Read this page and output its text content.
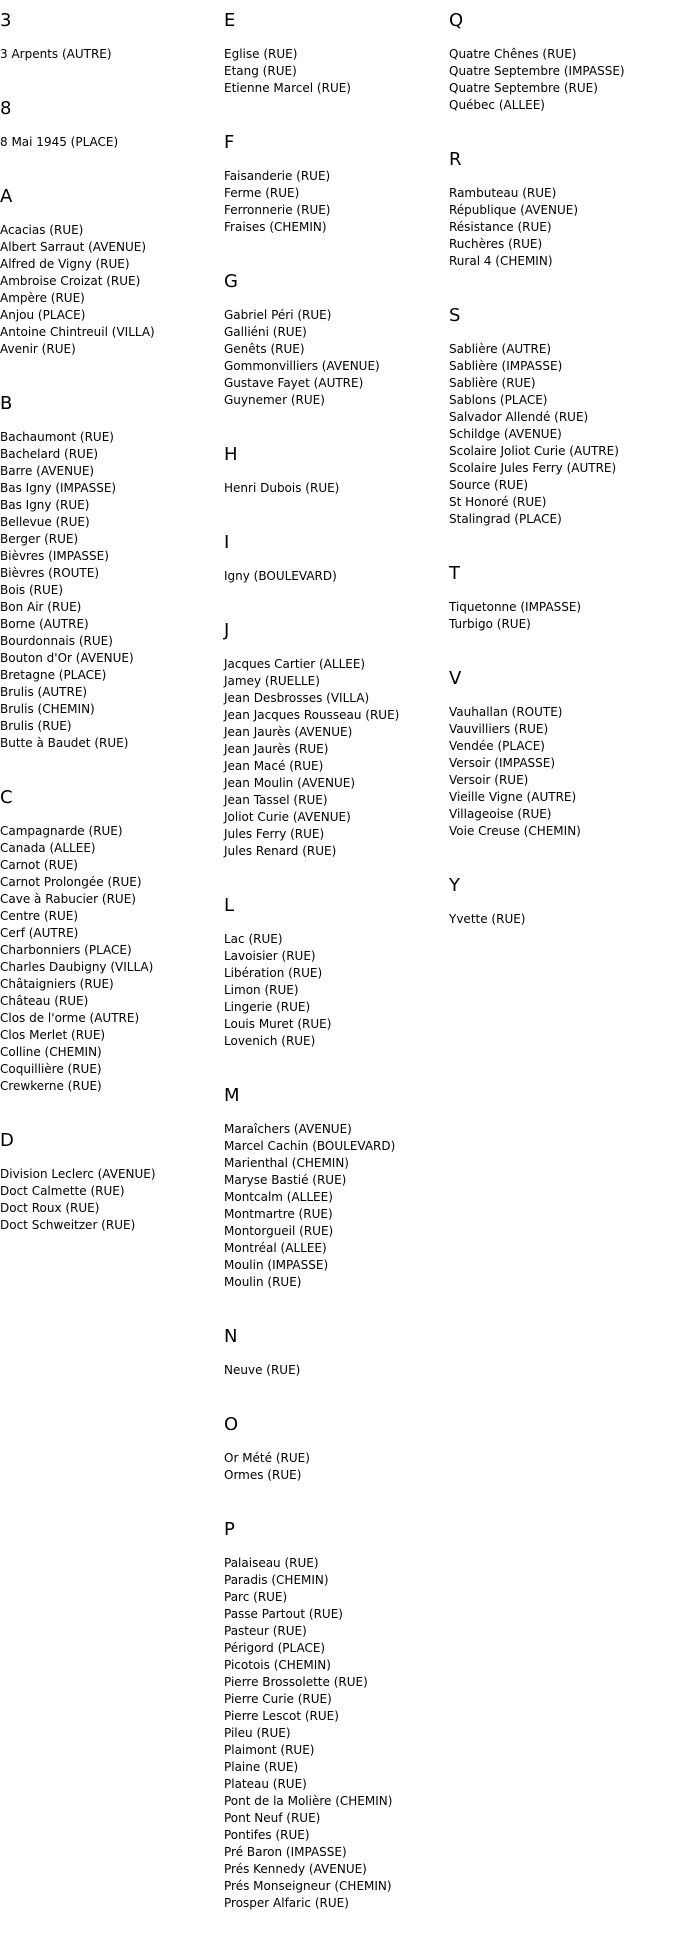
3
3 Arpents (AUTRE)
8
8 Mai 1945 (PLACE)
A
Acacias (RUE)
Albert Sarraut (AVENUE)
Alfred de Vigny (RUE)
Ambroise Croizat (RUE)
Ampère (RUE)
Anjou (PLACE)
Antoine Chintreuil (VILLA)
Avenir (RUE)
B
Bachaumont (RUE)
Bachelard (RUE)
Barre (AVENUE)
Bas Igny (IMPASSE)
Bas Igny (RUE)
Bellevue (RUE)
Berger (RUE)
Bièvres (IMPASSE)
Bièvres (ROUTE)
Bois (RUE)
Bon Air (RUE)
Borne (AUTRE)
Bourdonnais (RUE)
Bouton d'Or (AVENUE)
Bretagne (PLACE)
Brulis (AUTRE)
Brulis (CHEMIN)
Brulis (RUE)
Butte à Baudet (RUE)
C
Campagnarde (RUE)
Canada (ALLEE)
Carnot (RUE)
Carnot Prolongée (RUE)
Cave à Rabucier (RUE)
Centre (RUE)
Cerf (AUTRE)
Charbonniers (PLACE)
Charles Daubigny (VILLA)
Châtaigniers (RUE)
Château (RUE)
Clos de l'orme (AUTRE)
Clos Merlet (RUE)
Colline (CHEMIN)
Coquillière (RUE)
Crewkerne (RUE)
D
Division Leclerc (AVENUE)
Doct Calmette (RUE)
Doct Roux (RUE)
Doct Schweitzer (RUE)
E
Eglise (RUE)
Etang (RUE)
Etienne Marcel (RUE)
F
Faisanderie (RUE)
Ferme (RUE)
Ferronnerie (RUE)
Fraises (CHEMIN)
G
Gabriel Péri (RUE)
Galliéni (RUE)
Genêts (RUE)
Gommonvilliers (AVENUE)
Gustave Fayet (AUTRE)
Guynemer (RUE)
H
Henri Dubois (RUE)
I
Igny (BOULEVARD)
J
Jacques Cartier (ALLEE)
Jamey (RUELLE)
Jean Desbrosses (VILLA)
Jean Jacques Rousseau (RUE)
Jean Jaurès (AVENUE)
Jean Jaurès (RUE)
Jean Macé (RUE)
Jean Moulin (AVENUE)
Jean Tassel (RUE)
Joliot Curie (AVENUE)
Jules Ferry (RUE)
Jules Renard (RUE)
L
Lac (RUE)
Lavoisier (RUE)
Libération (RUE)
Limon (RUE)
Lingerie (RUE)
Louis Muret (RUE)
Lovenich (RUE)
M
Maraîchers (AVENUE)
Marcel Cachin (BOULEVARD)
Marienthal (CHEMIN)
Maryse Bastié (RUE)
Montcalm (ALLEE)
Montmartre (RUE)
Montorgueil (RUE)
Montréal (ALLEE)
Moulin (IMPASSE)
Moulin (RUE)
N
Neuve (RUE)
O
Or Mété (RUE)
Ormes (RUE)
P
Palaiseau (RUE)
Paradis (CHEMIN)
Parc (RUE)
Passe Partout (RUE)
Pasteur (RUE)
Périgord (PLACE)
Picotois (CHEMIN)
Pierre Brossolette (RUE)
Pierre Curie (RUE)
Pierre Lescot (RUE)
Pileu (RUE)
Plaimont (RUE)
Plaine (RUE)
Plateau (RUE)
Pont de la Molière (CHEMIN)
Pont Neuf (RUE)
Pontifes (RUE)
Pré Baron (IMPASSE)
Prés Kennedy (AVENUE)
Prés Monseigneur (CHEMIN)
Prosper Alfaric (RUE)
Q
Quatre Chênes (RUE)
Quatre Septembre (IMPASSE)
Quatre Septembre (RUE)
Québec (ALLEE)
R
Rambuteau (RUE)
République (AVENUE)
Résistance (RUE)
Ruchères (RUE)
Rural 4 (CHEMIN)
S
Sablière (AUTRE)
Sablière (IMPASSE)
Sablière (RUE)
Sablons (PLACE)
Salvador Allendé (RUE)
Schildge (AVENUE)
Scolaire Joliot Curie (AUTRE)
Scolaire Jules Ferry (AUTRE)
Source (RUE)
St Honoré (RUE)
Stalingrad (PLACE)
T
Tiquetonne (IMPASSE)
Turbigo (RUE)
V
Vauhallan (ROUTE)
Vauvilliers (RUE)
Vendée (PLACE)
Versoir (IMPASSE)
Versoir (RUE)
Vieille Vigne (AUTRE)
Villageoise (RUE)
Voie Creuse (CHEMIN)
Y
Yvette (RUE)
